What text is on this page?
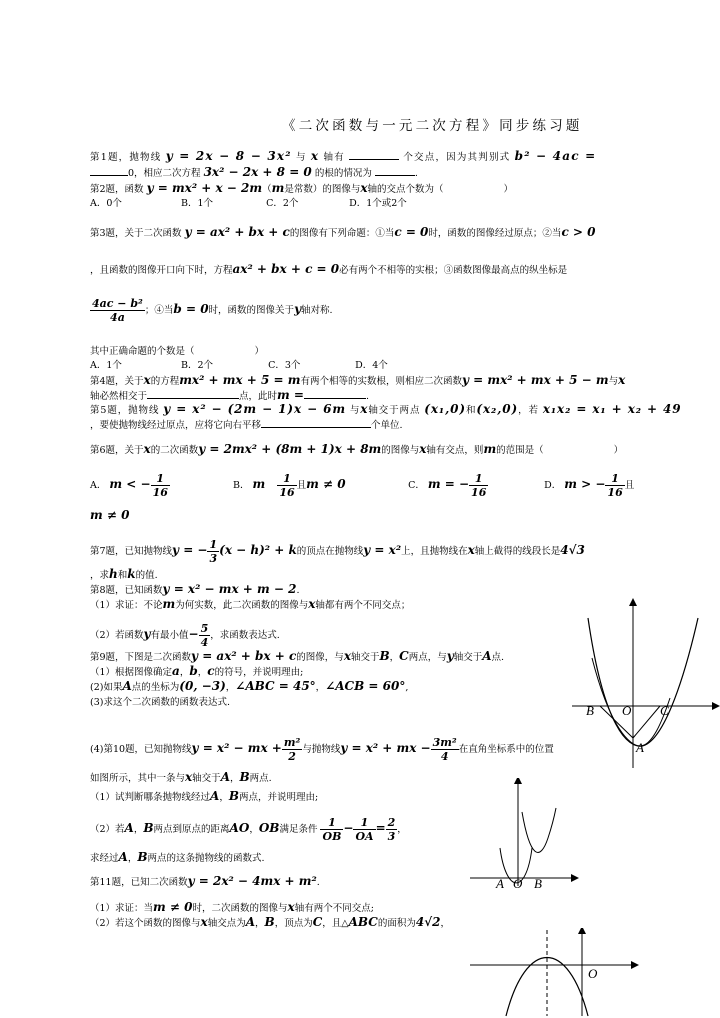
《二次函数与一元二次方程》同步练习题
第1题，抛物线 y = 2x − 8 − 3x² 与 x 轴有	个交点，因为其判别式 b² − 4ac =
0，相应二次方程 3x² − 2x + 8 = 0 的根的情况为	.
第2题，函数 y = mx² + x − 2m（m是常数）的图像与x轴的交点个数为（	）
A．0个	B．1个	C．2个	D．1个或2个
第3题，关于二次函数 y = ax² + bx + c的图像有下列命题：①当c = 0时，函数的图像经过原点；②当c > 0
，且函数的图像开口向下时，方程ax² + bx + c = 0必有两个不相等的实根；③函数图像最高点的纵坐标是
$\frac{\text{4ac − b²}}{4a}$ ；④当b = 0时，函数的图像关于y轴对称.
其中正确命题的个数是（	）
A．1个	B．2个	C．3个	D．4个
第4题，关于x的方程mx² + mx + 5 = m有两个相等的实数根，则相应二次函数y = mx² + mx + 5 − m与x
轴必然相交于	点，此时m =	.
第5题，抛物线 y = x² − (2m − 1)x − 6m 与x轴交于两点 (x₁,0)和(x₂,0)，若 x₁x₂ = x₁ + x₂ + 49
，要使抛物线经过原点，应将它向右平移	个单位.
第6题，关于x的二次函数y = 2mx² + (8m + 1)x + 8m的图像与x轴有交点，则m的范围是（	）
A． m < − $\frac{1}{16}$	B． m $\frac{1}{16}$ 且m ≠ 0	C． m = − $\frac{1}{16}$	D． m > − $\frac{1}{16}$ 且
m ≠ 0
第7题，已知抛物线y = − $\frac{1}{3} (x - h)^2 + k$的顶点在抛物线y = x²上，且抛物线在x轴上截得的线段长是4√3
，求h和k的值.
第8题，已知函数y = x² − mx + m − 2.
（1）求证：不论m为何实数，此二次函数的图像与x轴都有两个不同交点；
（2）若函数y有最小值− $\frac{5}{4}$ ，求函数表达式.
第9题，下图是二次函数y = ax² + bx + c的图像，与x轴交于B，C两点，与y轴交于A点.
（1）根据图像确定a，b，c的符号，并说明理由;
(2)如果A点的坐标为(0, −3)，∠ABC = 45°，∠ACB = 60°,
(3)求这个二次函数的函数表达式.
(4)第10题，已知抛物线y = x² − mx + $\frac{\text{m²}}{2}$ 与抛物线y = x² + mx − $\frac{\text{3m²}}{4}$ 在直角坐标系中的位置
如图所示，其中一条与x轴交于A，B两点.
（1）试判断哪条抛物线经过A，B两点，并说明理由;
（2）若A，B两点到原点的距离AO，OB满足条件 $\frac{1}{OB} - \frac{1}{OA} = \frac{2}{3}$ ，
求经过A，B两点的这条抛物线的函数式.
第11题，已知二次函数y = 2x² − 4mx + m².
（1）求证：当m ≠ 0时，二次函数的图像与x轴有两个不同交点;
（2）若这个函数的图像与x轴交点为A，B，顶点为C，且△ABC的面积为4√2，
B O C
A
A O B
O
